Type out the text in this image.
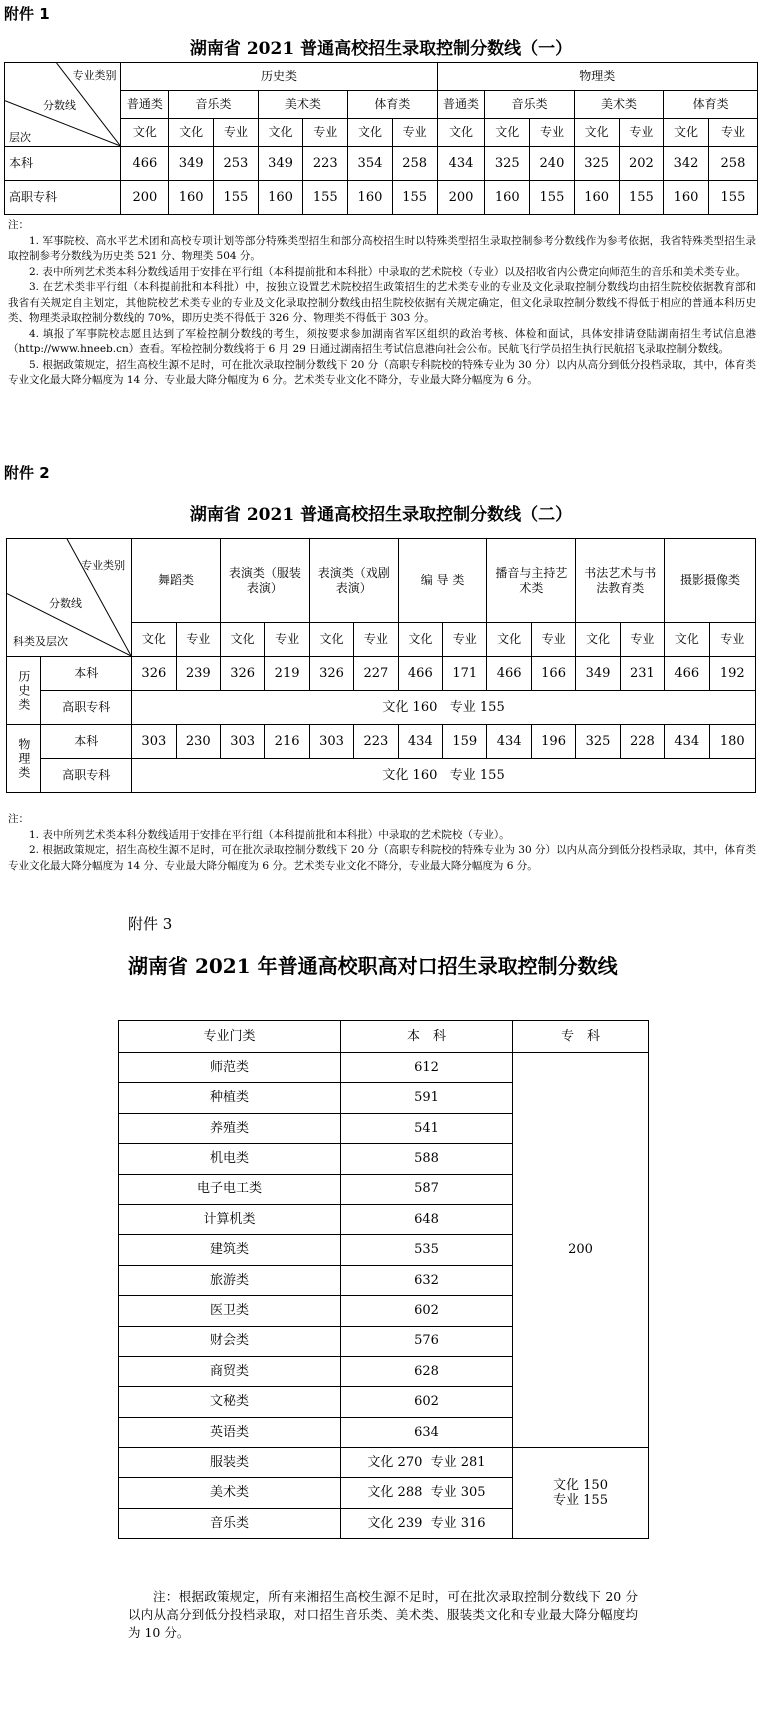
附件 1
湖南省 2021 普通高校招生录取控制分数线（一）
专业类别
分数线
层次	历史类							物理类						
	普通类	音乐类		美术类		体育类		普通类	音乐类		美术类		体育类	
	文化	文化	专业	文化	专业	文化	专业	文化	文化	专业	文化	专业	文化	专业
本科	466	349	253	349	223	354	258	434	325	240	325	202	342	258
高职专科	200	160	155	160	155	160	155	200	160	155	160	155	160	155

注：

1. 军事院校、高水平艺术团和高校专项计划等部分特殊类型招生和部分高校招生时以特殊类型招生录取控制参考分数线作为参考依据，我省特殊类型招生录取控制参考分数线为历史类 521 分、物理类 504 分。

2. 表中所列艺术类本科分数线适用于安排在平行组（本科提前批和本科批）中录取的艺术院校（专业）以及招收省内公费定向师范生的音乐和美术类专业。

3. 在艺术类非平行组（本科提前批和本科批）中，按独立设置艺术院校招生政策招生的艺术类专业的专业及文化录取控制分数线均由招生院校依据教育部和我省有关规定自主划定，其他院校艺术类专业的专业及文化录取控制分数线由招生院校依据有关规定确定，但文化录取控制分数线不得低于相应的普通本科历史类、物理类录取控制分数线的 70%，即历史类不得低于 326 分、物理类不得低于 303 分。

4. 填报了军事院校志愿且达到了军检控制分数线的考生，须按要求参加湖南省军区组织的政治考核、体检和面试，具体安排请登陆湖南招生考试信息港（http://www.hneeb.cn）查看。军检控制分数线将于 6 月 29 日通过湖南招生考试信息港向社会公布。民航飞行学员招生执行民航招飞录取控制分数线。

5. 根据政策规定，招生高校生源不足时，可在批次录取控制分数线下 20 分（高职专科院校的特殊专业为 30 分）以内从高分到低分投档录取，其中，体育类专业文化最大降分幅度为 14 分、专业最大降分幅度为 6 分。艺术类专业文化不降分，专业最大降分幅度为 6 分。

附件 2
湖南省 2021 普通高校招生录取控制分数线（二）
专业类别
分数线
科类及层次		舞蹈类		表演类（服装表演）		表演类（戏剧表演）		编 导 类		播音与主持艺术类		书法艺术与书法教育类		摄影摄像类	
		文化	专业	文化	专业	文化	专业	文化	专业	文化	专业	文化	专业	文化	专业
历史类	本科	326	239	326	219	326	227	466	171	466	166	349	231	466	192
	高职专科	文化 160   专业 155													
物理类	本科	303	230	303	216	303	223	434	159	434	196	325	228	434	180
	高职专科	文化 160   专业 155													

注：

1. 表中所列艺术类本科分数线适用于安排在平行组（本科提前批和本科批）中录取的艺术院校（专业）。

2. 根据政策规定，招生高校生源不足时，可在批次录取控制分数线下 20 分（高职专科院校的特殊专业为 30 分）以内从高分到低分投档录取，其中，体育类专业文化最大降分幅度为 14 分、专业最大降分幅度为 6 分。艺术类专业文化不降分，专业最大降分幅度为 6 分。

附件 3
湖南省 2021 年普通高校职高对口招生录取控制分数线
专业门类	本　科	专　科
师范类	612	200
种植类	591	
养殖类	541	
机电类	588	
电子电工类	587	
计算机类	648	
建筑类	535	
旅游类	632	
医卫类	602	
财会类	576	
商贸类	628	
文秘类	602	
英语类	634	
服装类	文化 270  专业 281	文化 150
专业 155

美术类	文化 288  专业 305	
音乐类	文化 239  专业 316	
注：根据政策规定，所有来湘招生高校生源不足时，可在批次录取控制分数线下 20 分以内从高分到低分投档录取，对口招生音乐类、美术类、服装类文化和专业最大降分幅度均为 10 分。
